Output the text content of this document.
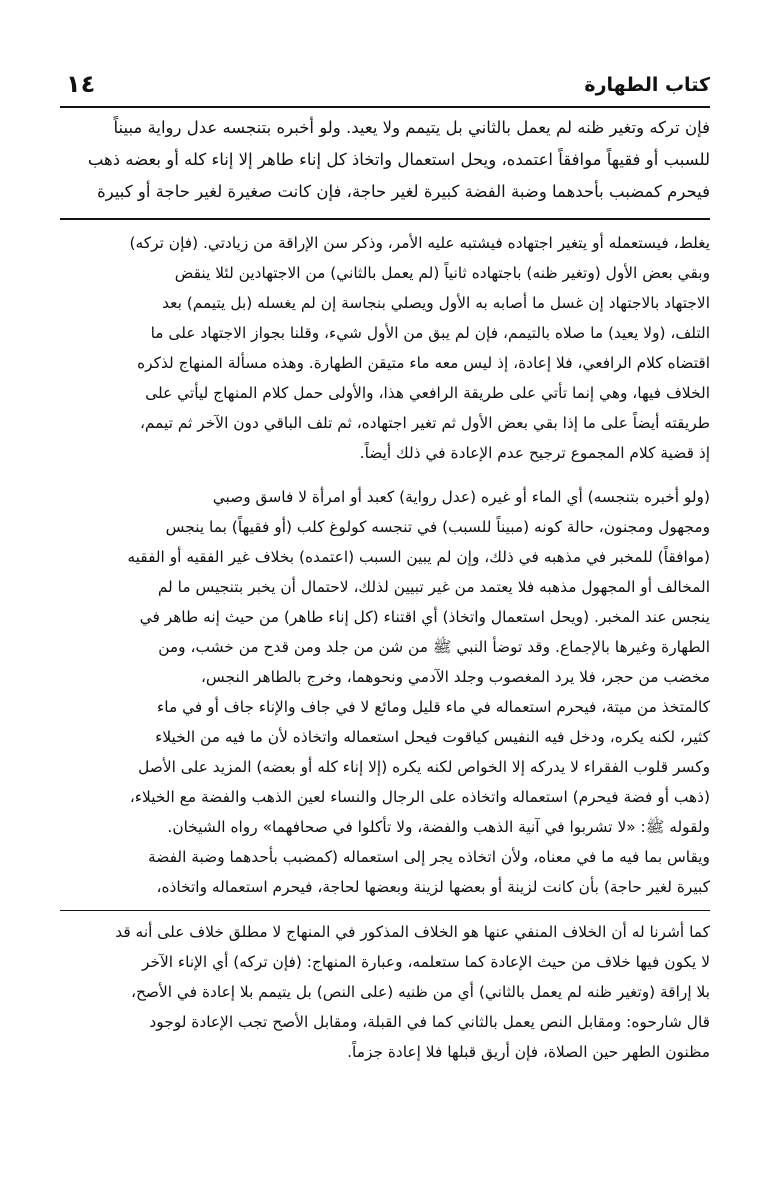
كتاب الطهارة
١٤
فإن تركه وتغير ظنه لم يعمل بالثاني بل يتيمم ولا يعيد. ولو أخبره بتنجسه عدل رواية مبيناً
للسبب أو فقيهاً موافقاً اعتمده، ويحل استعمال واتخاذ كل إناء طاهر إلا إناء كله أو بعضه ذهب
فيحرم كمضبب بأحدهما وضبة الفضة كبيرة لغير حاجة، فإن كانت صغيرة لغير حاجة أو كبيرة
يغلط، فيستعمله أو يتغير اجتهاده فيشتبه عليه الأمر، وذكر سن الإراقة من زيادتي. (فإن تركه)
وبقي بعض الأول (وتغير ظنه) باجتهاده ثانياً (لم يعمل بالثاني) من الاجتهادين لئلا ينقض
الاجتهاد بالاجتهاد إن غسل ما أصابه به الأول ويصلي بنجاسة إن لم يغسله (بل يتيمم) بعد
التلف، (ولا يعيد) ما صلاه بالتيمم، فإن لم يبق من الأول شيء، وقلنا بجواز الاجتهاد على ما
اقتضاه كلام الرافعي، فلا إعادة، إذ ليس معه ماء متيقن الطهارة. وهذه مسألة المنهاج لذكره
الخلاف فيها، وهي إنما تأتي على طريقة الرافعي هذا، والأولى حمل كلام المنهاج ليأتي على
طريقته أيضاً على ما إذا بقي بعض الأول ثم تغير اجتهاده، ثم تلف الباقي دون الآخر ثم تيمم،
إذ قضية كلام المجموع ترجيح عدم الإعادة في ذلك أيضاً.
(ولو أخبره بتنجسه) أي الماء أو غيره (عدل رواية) كعبد أو امرأة لا فاسق وصبي
ومجهول ومجنون، حالة كونه (مبيناً للسبب) في تنجسه كولوغ كلب (أو فقيهاً) بما ينجس
(موافقاً) للمخبر في مذهبه في ذلك، وإن لم يبين السبب (اعتمده) بخلاف غير الفقيه أو الفقيه
المخالف أو المجهول مذهبه فلا يعتمد من غير تبيين لذلك، لاحتمال أن يخبر بتنجيس ما لم
ينجس عند المخبر. (ويحل استعمال واتخاذ) أي اقتناء (كل إناء طاهر) من حيث إنه طاهر في
الطهارة وغيرها بالإجماع. وقد توضأ النبي ﷺ من شن من جلد ومن قدح من خشب، ومن
مخضب من حجر، فلا يرد المغصوب وجلد الآدمي ونحوهما، وخرج بالطاهر النجس،
كالمتخذ من ميتة، فيحرم استعماله في ماء قليل ومائع لا في جاف والإناء جاف أو في ماء
كثير، لكنه يكره، ودخل فيه النفيس كياقوت فيحل استعماله واتخاذه لأن ما فيه من الخيلاء
وكسر قلوب الفقراء لا يدركه إلا الخواص لكنه يكره (إلا إناء كله أو بعضه) المزيد على الأصل
(ذهب أو فضة فيحرم) استعماله واتخاذه على الرجال والنساء لعين الذهب والفضة مع الخيلاء،
ولقوله ﷺ: «لا تشربوا في آنية الذهب والفضة، ولا تأكلوا في صحافهما» رواه الشيخان.
ويقاس بما فيه ما في معناه، ولأن اتخاذه يجر إلى استعماله (كمضبب بأحدهما وضبة الفضة
كبيرة لغير حاجة) بأن كانت لزينة أو بعضها لزينة وبعضها لحاجة، فيحرم استعماله واتخاذه،
كما أشرنا له أن الخلاف المنفي عنها هو الخلاف المذكور في المنهاج لا مطلق خلاف على أنه قد
لا يكون فيها خلاف من حيث الإعادة كما ستعلمه، وعبارة المنهاج: (فإن تركه) أي الإناء الآخر
بلا إراقة (وتغير ظنه لم يعمل بالثاني) أي من ظنيه (على النص) بل يتيمم بلا إعادة في الأصح،
قال شارحوه: ومقابل النص يعمل بالثاني كما في القبلة، ومقابل الأصح تجب الإعادة لوجود
مظنون الطهر حين الصلاة، فإن أريق قبلها فلا إعادة جزماً.
